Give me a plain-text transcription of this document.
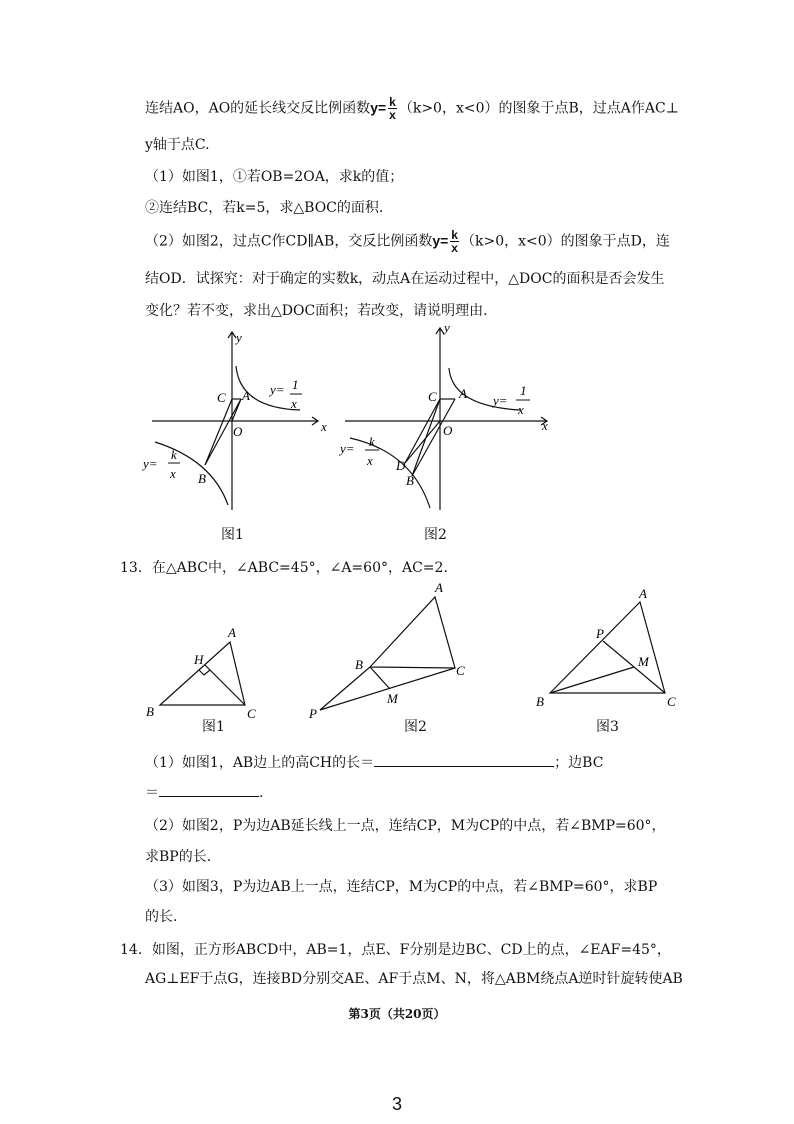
连结AO，AO的延长线交反比例函数$y= \frac{k}{x} (k>0$，x<0）的图象于点B，过点A作AC⊥
y轴于点C.
（1）如图1，①若OB=2OA，求k的值；
②连结BC，若k=5，求△BOC的面积.
（2）如图2，过点C作CD∥AB，交反比例函数$y= \frac{k}{x} (k>0$，x<0）的图象于点D，连
结OD．试探究：对于确定的实数k，动点A在运动过程中，△DOC的面积是否会发生
变化？若不变，求出△DOC面积；若改变，请说明理由.
y
x
O
A
C
B
y= 1
x
y=
k
x
y
x
O
A
C
D
B
y=
1
x
y= k
x
图1	图2
13．在△ABC中，∠ABC=45°，∠A=60°，AC=2.
A
B	C
H
A
B	C
M
P
A
B	C
P
M
图1	图2	图3
（1）如图1，AB边上的高CH的长＝	；边BC
＝	.
（2）如图2，P为边AB延长线上一点，连结CP，M为CP的中点，若∠BMP=60°，
求BP的长.
（3）如图3，P为边AB上一点，连结CP，M为CP的中点，若∠BMP=60°，求BP
的长.
14．如图，正方形ABCD中，AB=1，点E、F分别是边BC、CD上的点，∠EAF=45°，
AG⊥EF于点G，连接BD分别交AE、AF于点M、N，将△ABM绕点A逆时针旋转使AB
第3页（共20页）
3
